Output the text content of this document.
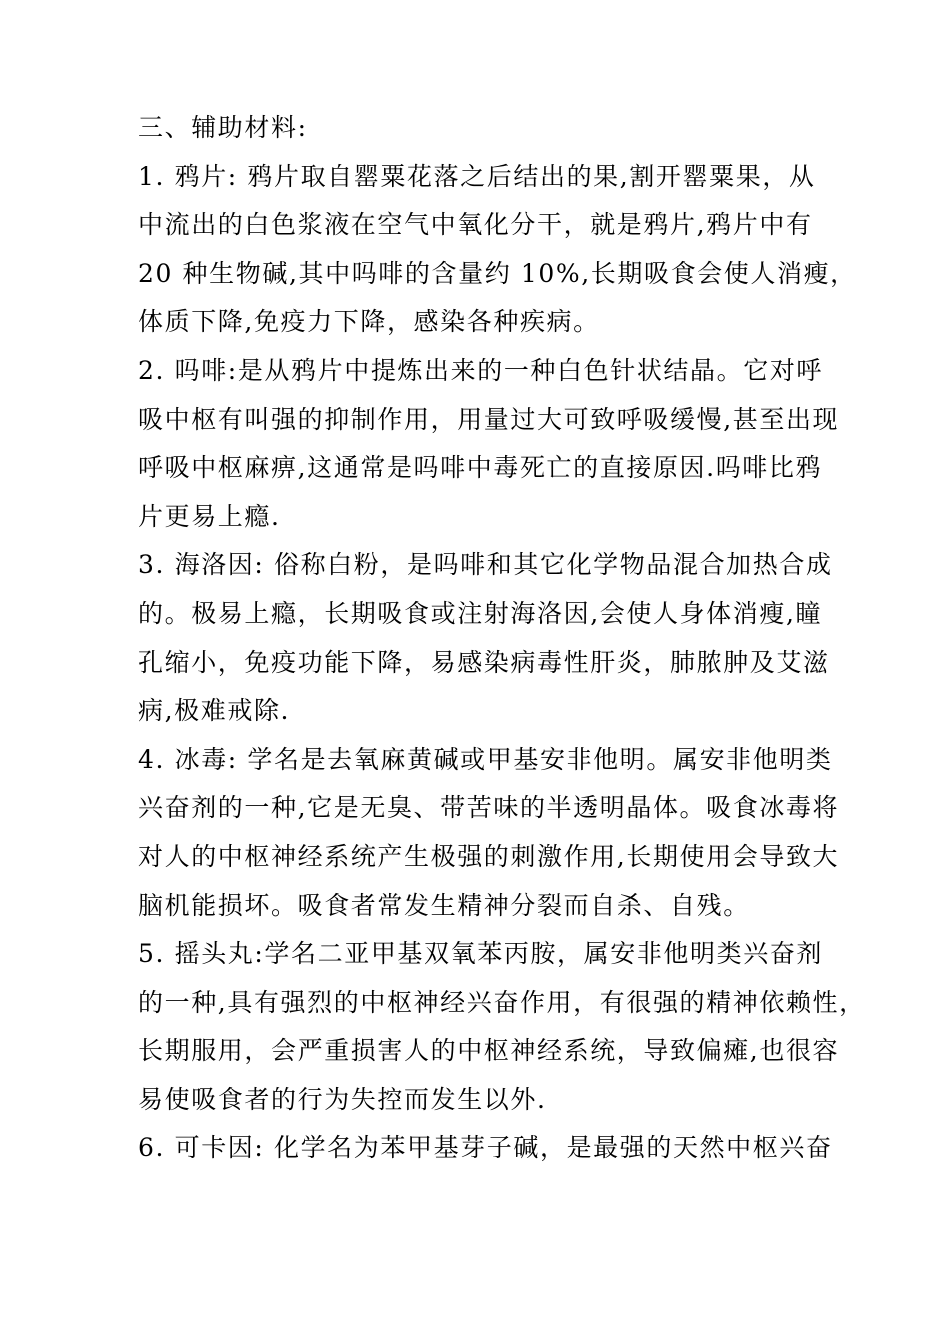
三、辅助材料:
1. 鸦片: 鸦片取自罂粟花落之后结出的果,割开罂粟果，从
中流出的白色浆液在空气中氧化分干，就是鸦片,鸦片中有
20 种生物碱,其中吗啡的含量约 10%,长期吸食会使人消瘦，
体质下降,免疫力下降，感染各种疾病。
2. 吗啡:是从鸦片中提炼出来的一种白色针状结晶。它对呼
吸中枢有叫强的抑制作用，用量过大可致呼吸缓慢,甚至出现
呼吸中枢麻痹,这通常是吗啡中毒死亡的直接原因.吗啡比鸦
片更易上瘾.
3. 海洛因: 俗称白粉，是吗啡和其它化学物品混合加热合成
的。极易上瘾，长期吸食或注射海洛因,会使人身体消瘦,瞳
孔缩小，免疫功能下降，易感染病毒性肝炎，肺脓肿及艾滋
病,极难戒除.
4. 冰毒: 学名是去氧麻黄碱或甲基安非他明。属安非他明类
兴奋剂的一种,它是无臭、带苦味的半透明晶体。吸食冰毒将
对人的中枢神经系统产生极强的刺激作用,长期使用会导致大
脑机能损坏。吸食者常发生精神分裂而自杀、自残。
5. 摇头丸:学名二亚甲基双氧苯丙胺，属安非他明类兴奋剂
的一种,具有强烈的中枢神经兴奋作用，有很强的精神依赖性，
长期服用，会严重损害人的中枢神经系统，导致偏瘫,也很容
易使吸食者的行为失控而发生以外.
6. 可卡因: 化学名为苯甲基芽子碱，是最强的天然中枢兴奋
